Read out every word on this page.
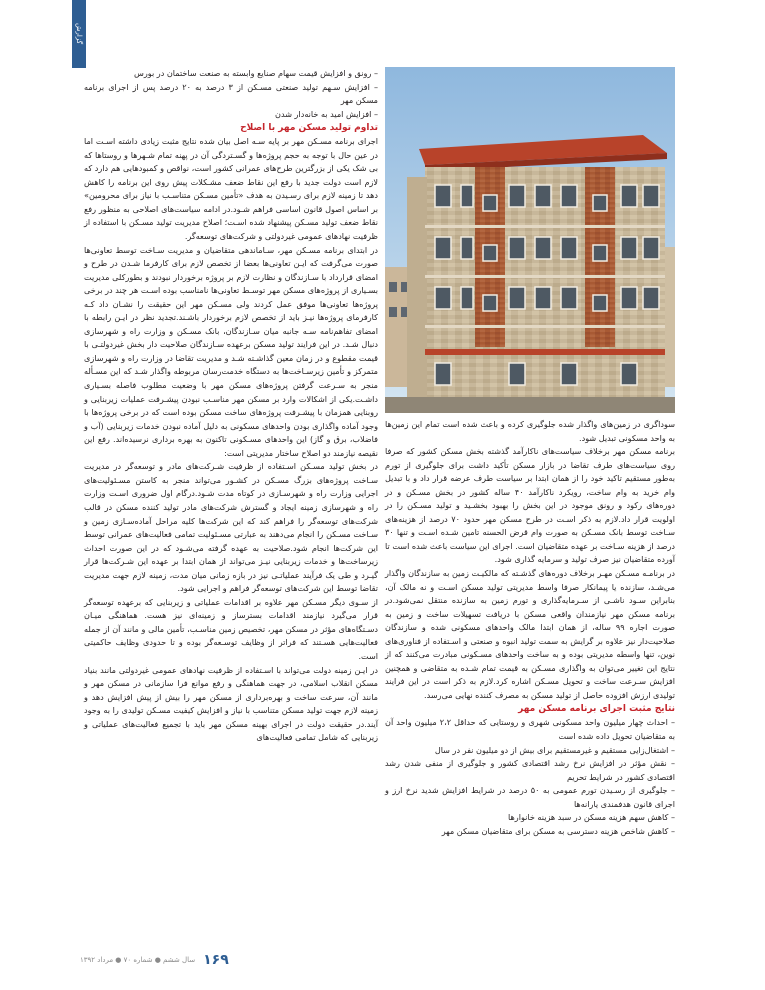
گزارش

– رونق و افزایش قیمت سهام صنایع وابسته به صنعت ساختمان در بورس

– افزایش سـهم تولید صنعتی مسـکن از ۳ درصد به ۲۰ درصد پس از اجرای برنامه مسکن مهر

– افزایش امید به خانه‌دار شدن

تداوم تولید مسکن مهر با اصلاح

اجرای برنامه مسـکن مهر بر پایه سـه اصل بیان شده نتایج مثبت زیادی داشته اسـت اما در عین حال با توجه به حجم پروژه‌ها و گسـتردگی آن در پهنه تمام شـهرها و روستاها که بی شک یکی از بزرگترین طرح‌های عمرانی کشور است، نواقص و کمبودهایی هم دارد که لازم است دولت جدید با رفع این نقاط ضعف مشـکلات پیش روی این برنامه را کاهش دهد تا زمینه لازم برای رسـیدن به هدف «تأمین مسـکن متناسـب با نیاز برای محرومین» بر اساس اصول قانون اساسی فراهم شـود.در ادامه سیاست‌های اصلاحی به منظور رفع نقاط ضعف تولید مسـکن پیشنهاد شده اسـت؛ اصلاح مدیریت تولید مسـکن با استفاده از ظرفیت نهادهای عمومی غیردولتی و شرکت‌های توسعه‌گر.

در ابتدای برنامه مسـکن مهر، سـاماندهی متقاضیان و مدیریت سـاخت توسط تعاونی‌ها صورت می‌گرفت که ایـن تعاونی‌ها بعضا از تخصص لازم برای کارفرما شـدن در طرح و امضای قرارداد با سـازندگان و نظارت لازم بر پروژه برخوردار نبودند و بطورکلی مدیریت بسـیاری از پروژه‌های مسکن مهر توسـط تعاونی‌ها نامناسب بوده اسـت هر چند در برخی پروژه‌ها تعاونی‌ها موفق عمل کردند ولی مسـکن مهر این حقیقت را نشـان داد کـه کارفرمای پروژه‌ها نیـز باید از تخصص لازم برخوردار باشـند.تجدید نظر در ایـن رابطه با امضای تفاهم‌نامه سـه جانبه میان سـازندگان، بانک مسـکن و وزارت راه و شهرسازی دنبال شـد. در این فرایند تولید مسکن برعهده سـازندگان صلاحیت دار بخش غیردولتـی با قیمت مقطوع و در زمان معین گذاشـته شـد و مدیریت تقاضا در وزارت راه و شهرسازی متمرکز و تأمین زیرسـاخت‌ها به دستگاه خدمت‌رسان مربوطه واگذار شـد که این مسـأله منجر به سـرعت گرفتن پروژه‌های مسکن مهر با وضعیت مطلوب فاصله بسـیاری داشـت.یکی از اشکالات وارد بر مسکن مهر مناسـب نبودن پیشـرفت عملیات زیربنایی و روبنایی همزمان با پیشـرفت پروژه‌های ساخت مسکن بوده است که در برخی پروژه‌ها با وجود آماده واگذاری بودن واحدهای مسکونی به دلیل آماده نبودن خدمات زیربنایی (آب و فاضلاب، برق و گاز) این واحدهای مسـکونی تاکنون به بهره برداری نرسیده‌اند. رفع این نقیصه نیازمند دو اصلاح ساختار مدیریتی است:

در بخش تولید مسـکن اسـتفاده از ظرفیت شـرکت‌های مادر و توسعه‌گر در مدیریت سـاخت پروژه‌های بزرگ مسـکن در کشـور می‌تواند منجر به کاستن مسـئولیت‌های اجرایی وزارت راه و شهرسـازی در کوتاه مدت شـود.درگام اول ضروری اسـت وزارت راه و شهرسازی زمینه ایجاد و گسترش شرکت‌های مادر تولید کننده مسکن در قالب شرکت‌های توسعه‌گر را فراهم کند که این شرکت‌ها کلیه مراحل آماده‌سـازی زمین و سـاخت مسـکن را انجام می‌دهند به عبارتی مسـئولیت تمامی فعالیت‌های عمرانی توسط این شرکت‌ها انجام شود.صلاحیت به عهده گرفته می‌شـود که در این صورت احداث زیرساخت‌ها و خدمات زیربنایی نیـز می‌تواند از همان ابتدا بر عهده این شـرکت‌ها قرار گیـرد و طی یک فرآیند عملیاتـی نیز در بازه زمانی میان مدت، زمینه لازم جهت مدیریت تقاضا توسط این شرکت‌های توسعه‌گر فراهم و اجرایی شود.

از سـوی دیگر مسـکن مهر علاوه بر اقدامات عملیاتی و زیربنایی که برعهده توسعه‌گر قرار می‌گیرد نیازمند اقدامات بسترساز و زمینه‌ای نیز هست. هماهنگی میـان دسـتگاه‌های مؤثر در مسکن مهر، تخصیص زمین مناسـب، تأمین مالی و مانند آن از جمله فعالیت‌هایی هسـتند که فراتر از وظایف توسـعه‌گر بوده و تا حدودی وظایف حاکمیتی است.

در ایـن زمینه دولت می‌تواند با اسـتفاده از ظرفیت نهادهای عمومی غیردولتی مانند بنیاد مسکن انقلاب اسلامی، در جهت هماهنگی و رفع موانع فرا سازمانی در مسکن مهر و مانند آن، سرعت ساخت و بهره‌برداری از مسکن مهر را بیش از پیش افزایش دهد و زمینه لازم جهت تولید مسکن متناسب با نیاز و افزایش کیفیت مسـکن تولیدی را به وجود آیند.در حقیقت دولت در اجرای بهینه مسکن مهر باید با تجمیع فعالیت‌های عملیاتی و زیربنایی که شامل تمامی فعالیت‌های

سوداگری در زمین‌های واگذار شده جلوگیری کرده و باعث شده است تمام این زمین‌ها به واحد مسکونی تبدیل شود.

برنامه مسکن مهر برخلاف سیاست‌های ناکارآمد گذشته بخش مسکن کشور که صرفا روی سیاست‌های طرف تقاضا در بازار مسکن تأکید داشت برای جلوگیری از تورم به‌طور مستقیم تاکید خود را از همان ابتدا بر سیاست طرف عرضه قرار داد و با تبدیل وام خرید به وام ساخت، رویکرد ناکارآمد ۴۰ ساله کشور در بخش مسـکن و در دوره‌های رکود و رونق موجود در این بخش را بهبود بخشـید و تولید مسـکن را در اولویت قرار داد.لازم به ذکر اسـت در طرح مسکن مهر حدود ۷۰ درصد از هزینه‌های سـاخت توسط بانک مسـکن به صورت وام قرض الحسنه تامین شـده اسـت و تنها ۳۰ درصد از هزینه سـاخت بر عهده متقاضیان است. اجرای این سیاست باعث شده است تا آورده متقاضیان نیز صرف تولید و سرمایه گذاری شود.

در برنامـه مسـکن مهـر برخلاف دوره‌های گذشـته که مالکیـت زمین به سازندگان واگذار می‌شـد، سازنده یا پیمانکار صرفا واسط مدیریتی تولید مسکن اسـت و نه مالک آن، بنابراین سـود ناشـی از سـرمایه‌گذاری و تورم زمین به سازنده منتقل نمی‌شود.در برنامه مسکن مهر نیازمندان واقعی مسکن با دریافت تسهیلات ساخت و زمین به صورت اجاره ۹۹ ساله، از همان ابتدا مالک واحدهای مسکونی شده و سازندگان صلاحیت‌دار نیز علاوه بر گرایش به سمت تولید انبوه و صنعتی و اسـتفاده از فناوری‌های نوین، تنها واسطه مدیریتی بوده و به ساخت واحدهای مسـکونی مبادرت می‌کنند که از نتایج این تغییر می‌توان به واگذاری مسـکن به قیمت تمام شـده به متقاضی و همچنین افزایش سـرعت ساخت و تحویل مسـکن اشاره کرد.لازم به ذکر است در این فرایند تولیدی ارزش افزوده حاصل از تولید مسکن به مصرف کننده نهایی می‌رسد.

نتایج مثبت اجرای برنامه مسکن مهر

– احداث چهار میلیون واحد مسکونی شهری و روستایی که حداقل ۲،۲ میلیون واحد آن به متقاضیان تحویل داده شده است

– اشتغال‌زایی مستقیم و غیرمستقیم برای بیش از دو میلیون نفر در سال

– نقش مؤثر در افزایش نرخ رشد اقتصادی کشور و جلوگیری از منفی شدن رشد اقتصادی کشور در شرایط تحریم

– جلوگیری از رسـیدن تورم عمومی به ۵۰ درصد در شرایط افزایش شدید نرخ ارز و اجرای قانون هدفمندی یارانه‌ها

– کاهش سهم هزینه مسکن در سبد هزینه خانوارها

– کاهش شاخص هزینه دسترسی به مسکن برای متقاضیان مسکن مهر

۱۶۹
سال ششم ● شماره ۷۰ ● مرداد ۱۳۹۲
